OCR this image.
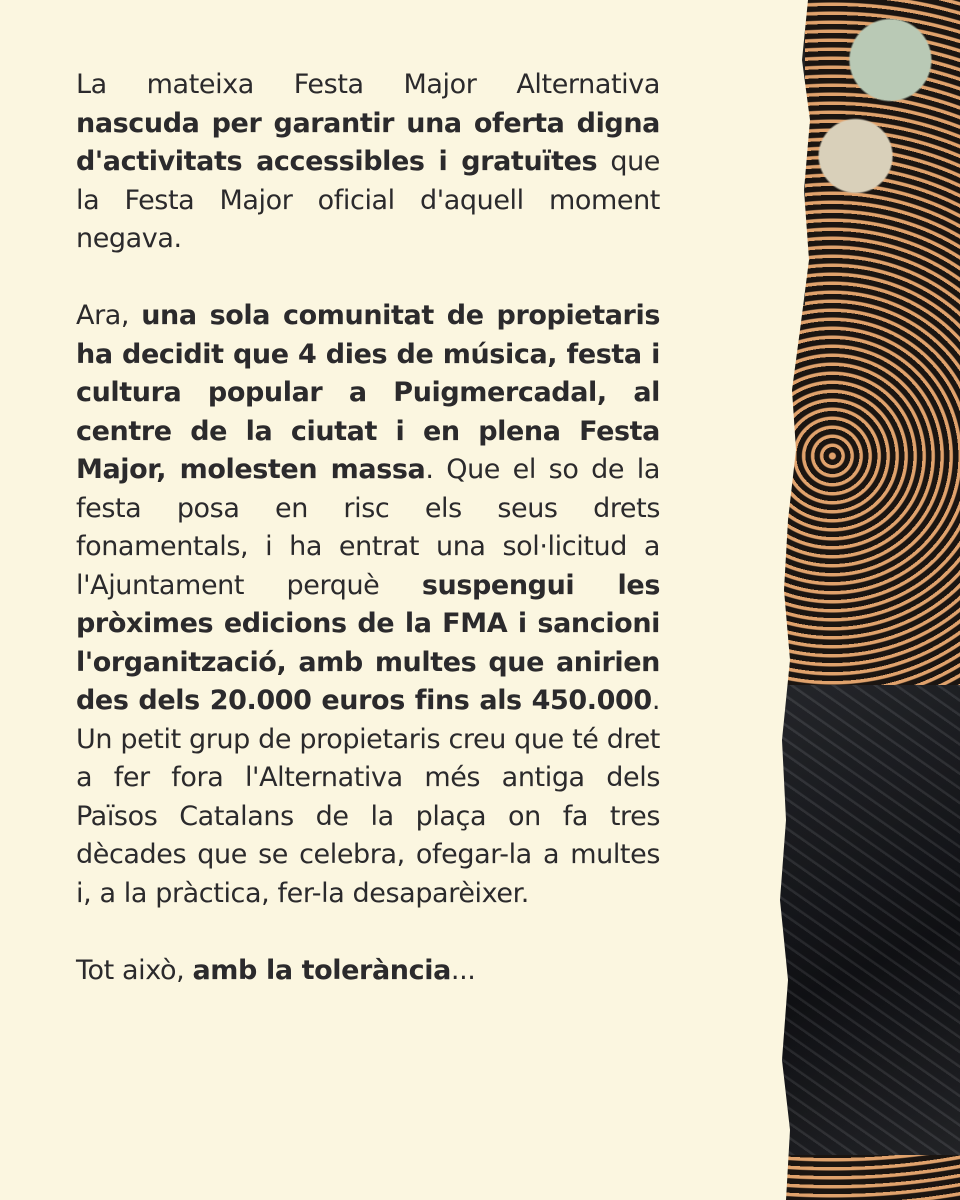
La mateixa Festa Major Alternativa nascuda per garantir una oferta digna d'activitats accessibles i gratuïtes que la Festa Major oficial d'aquell moment negava.

Ara, una sola comunitat de propietaris ha decidit que 4 dies de música, festa i cultura popular a Puigmercadal, al centre de la ciutat i en plena Festa Major, molesten massa. Que el so de la festa posa en risc els seus drets fonamentals, i ha entrat una sol·licitud a l'Ajuntament perquè suspengui les pròximes edicions de la FMA i sancioni l'organització, amb multes que anirien des dels 20.000 euros fins als 450.000. Un petit grup de propietaris creu que té dret a fer fora l'Alternativa més antiga dels Països Catalans de la plaça on fa tres dècades que se celebra, ofegar-la a multes i, a la pràctica, fer-la desaparèixer.

Tot això, amb la tolerància...
